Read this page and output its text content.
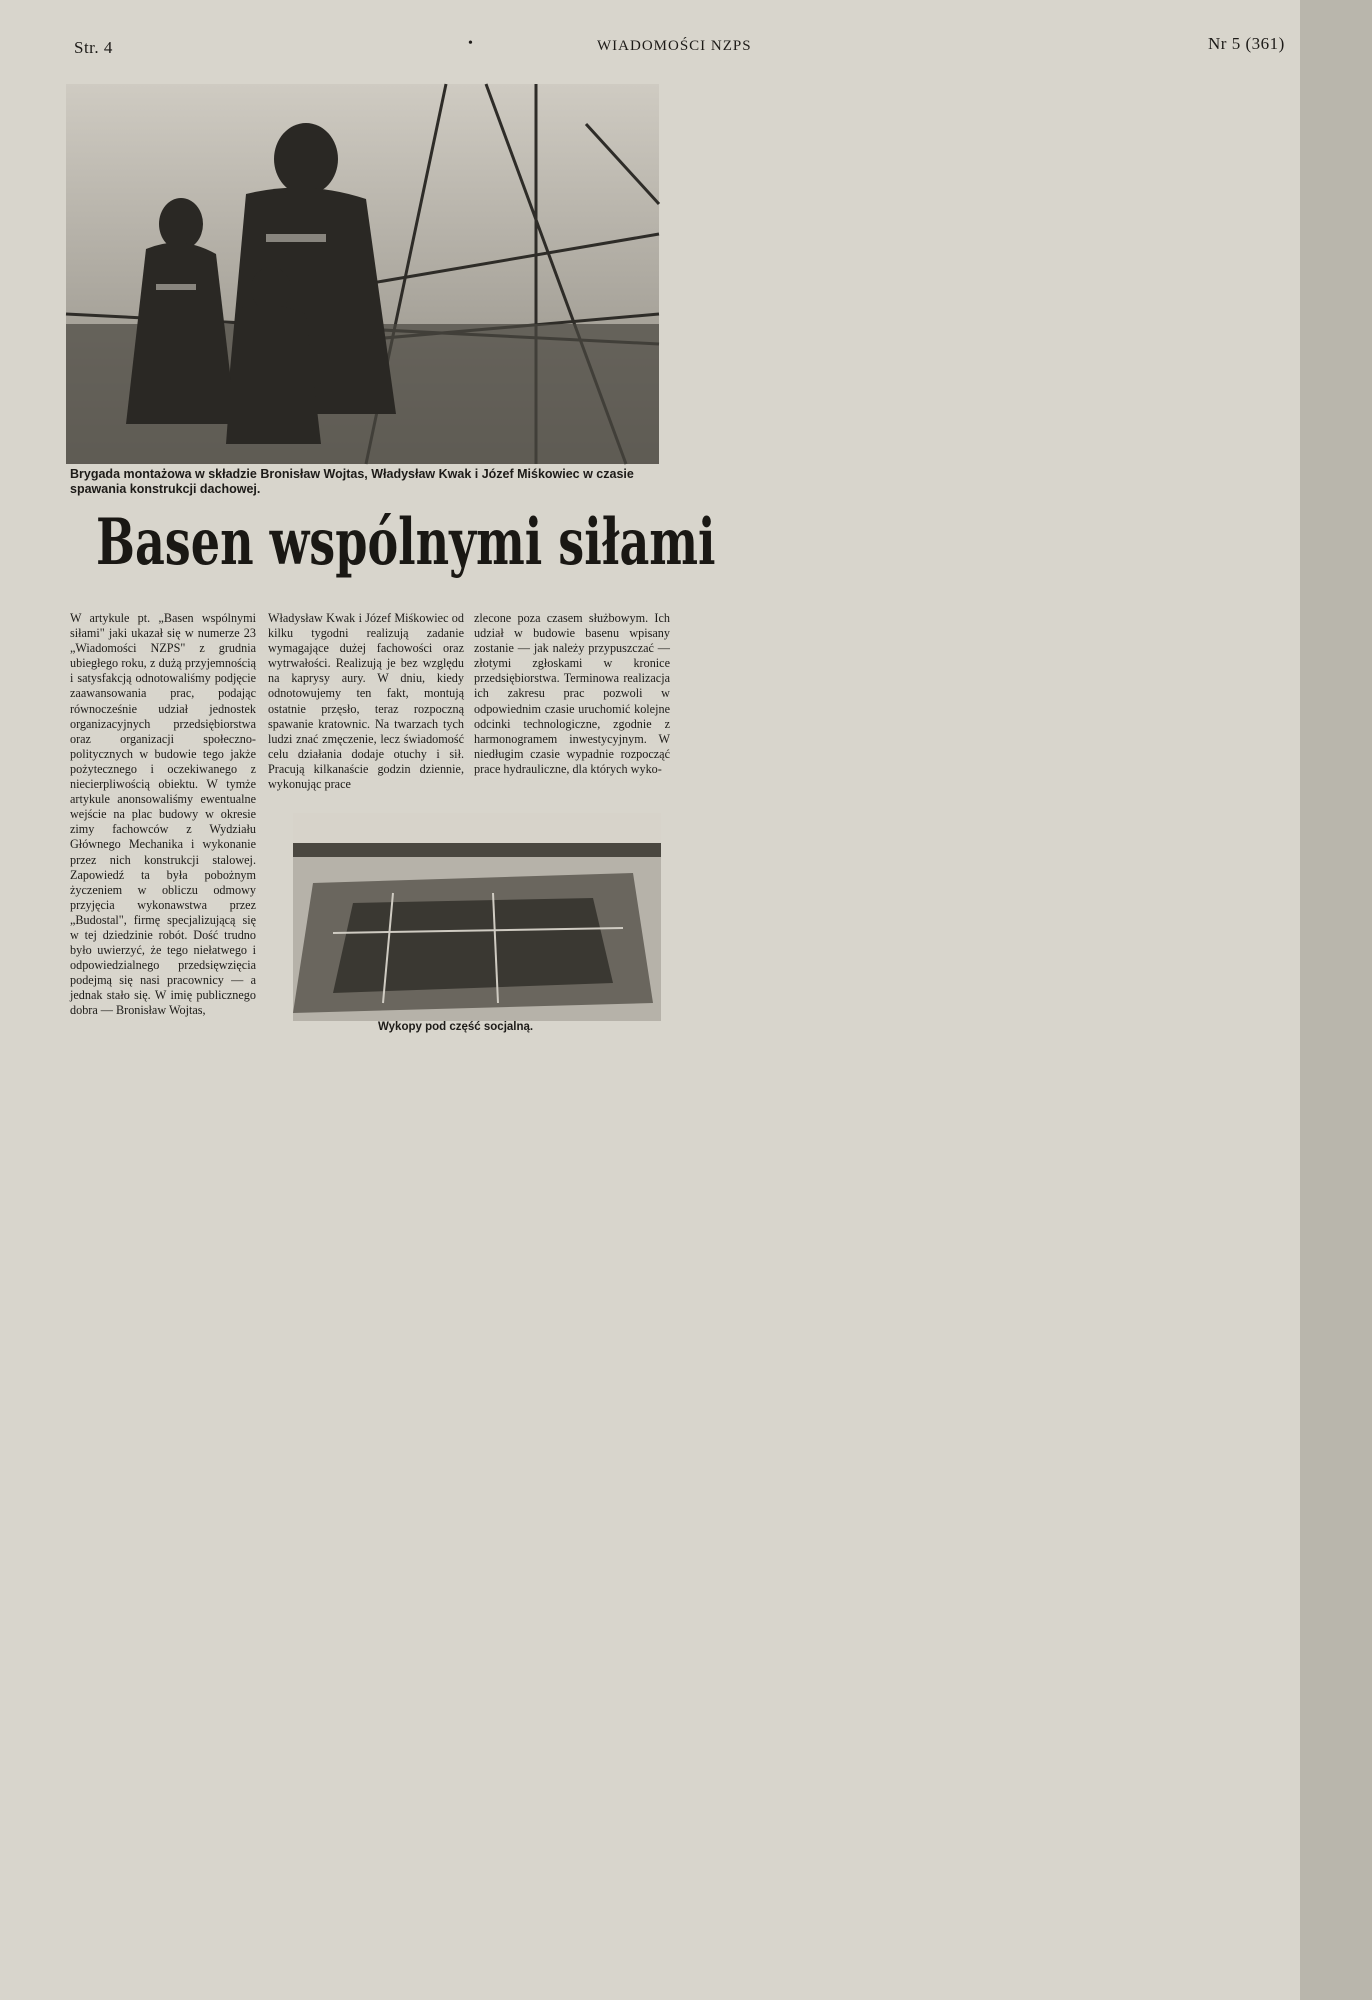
Str. 4	•	WIADOMOŚCI NZPS	Nr 5 (361)
Brygada montażowa w składzie Bronisław Wojtas, Władysław Kwak i Józef Miśkowiec w czasie spawania konstrukcji dachowej.
Basen wspólnymi siłami
W artykule pt. „Basen wspólnymi siłami" jaki ukazał się w numerze 23 „Wiadomości NZPS" z grudnia ubiegłego roku, z dużą przyjemnością i satysfakcją odnotowaliśmy podjęcie zaawansowania prac, podając równocześnie udział jednostek organizacyjnych przedsiębiorstwa oraz organizacji społeczno-politycznych w budowie tego jakże pożytecznego i oczekiwanego z niecierpliwością obiektu. W tymże artykule anonsowaliśmy ewentualne wejście na plac budowy w okresie zimy fachowców z Wydziału Głównego Mechanika i wykonanie przez nich konstrukcji stalowej. Zapowiedź ta była pobożnym życzeniem w obliczu odmowy przyjęcia wykonawstwa przez „Budostal", firmę specjalizującą się w tej dziedzinie robót. Dość trudno było uwierzyć, że tego niełatwego i odpowiedzialnego przedsięwzięcia podejmą się nasi pracownicy — a jednak stało się. W imię publicznego dobra — Bronisław Wojtas,
Władysław Kwak i Józef Miśkowiec od kilku tygodni realizują zadanie wymagające dużej fachowości oraz wytrwałości. Realizują je bez względu na kaprysy aury. W dniu, kiedy odnotowujemy ten fakt, montują ostatnie przęsło, teraz rozpoczną spawanie kratownic. Na twarzach tych ludzi znać zmęczenie, lecz świadomość celu działania dodaje otuchy i sił. Pracują kilkanaście godzin dziennie, wykonując prace
zlecone poza czasem służbowym. Ich udział w budowie basenu wpisany zostanie — jak należy przypuszczać — złotymi zgłoskami w kronice przedsiębiorstwa. Terminowa realizacja ich zakresu prac pozwoli w odpowiednim czasie uruchomić kolejne odcinki technologiczne, zgodnie z harmonogramem inwestycyjnym. W niedługim czasie wypadnie rozpocząć prace hydrauliczne, dla których wyko-
Wykopy pod część socjalną.
